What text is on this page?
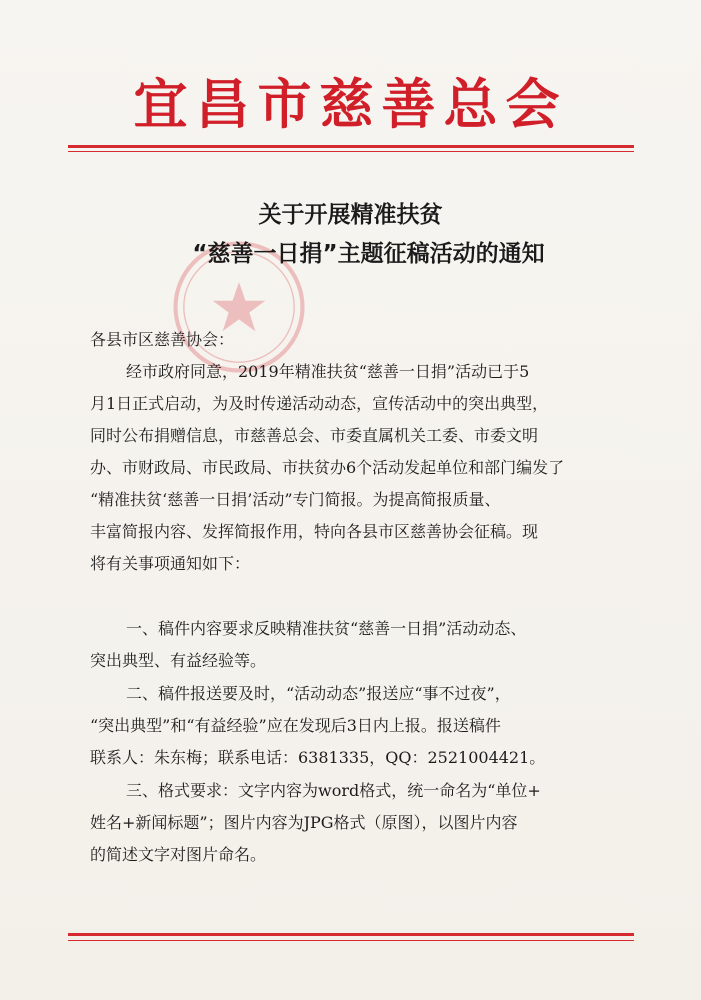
宜昌市慈善总会
关于开展精准扶贫
“慈善一日捐”主题征稿活动的通知
各县市区慈善协会：
经市政府同意，2019年精准扶贫“慈善一日捐”活动已于5
月1日正式启动，为及时传递活动动态，宣传活动中的突出典型，
同时公布捐赠信息，市慈善总会、市委直属机关工委、市委文明
办、市财政局、市民政局、市扶贫办6个活动发起单位和部门编发了
“精准扶贫‘慈善一日捐’活动”专门简报。为提高简报质量、
丰富简报内容、发挥简报作用，特向各县市区慈善协会征稿。现
将有关事项通知如下：
一、稿件内容要求反映精准扶贫“慈善一日捐”活动动态、
突出典型、有益经验等。
二、稿件报送要及时，“活动动态”报送应“事不过夜”，
“突出典型”和“有益经验”应在发现后3日内上报。报送稿件
联系人：朱东梅；联系电话：6381335，QQ：2521004421。
三、格式要求：文字内容为word格式，统一命名为“单位+
姓名+新闻标题”；图片内容为JPG格式（原图），以图片内容
的简述文字对图片命名。
